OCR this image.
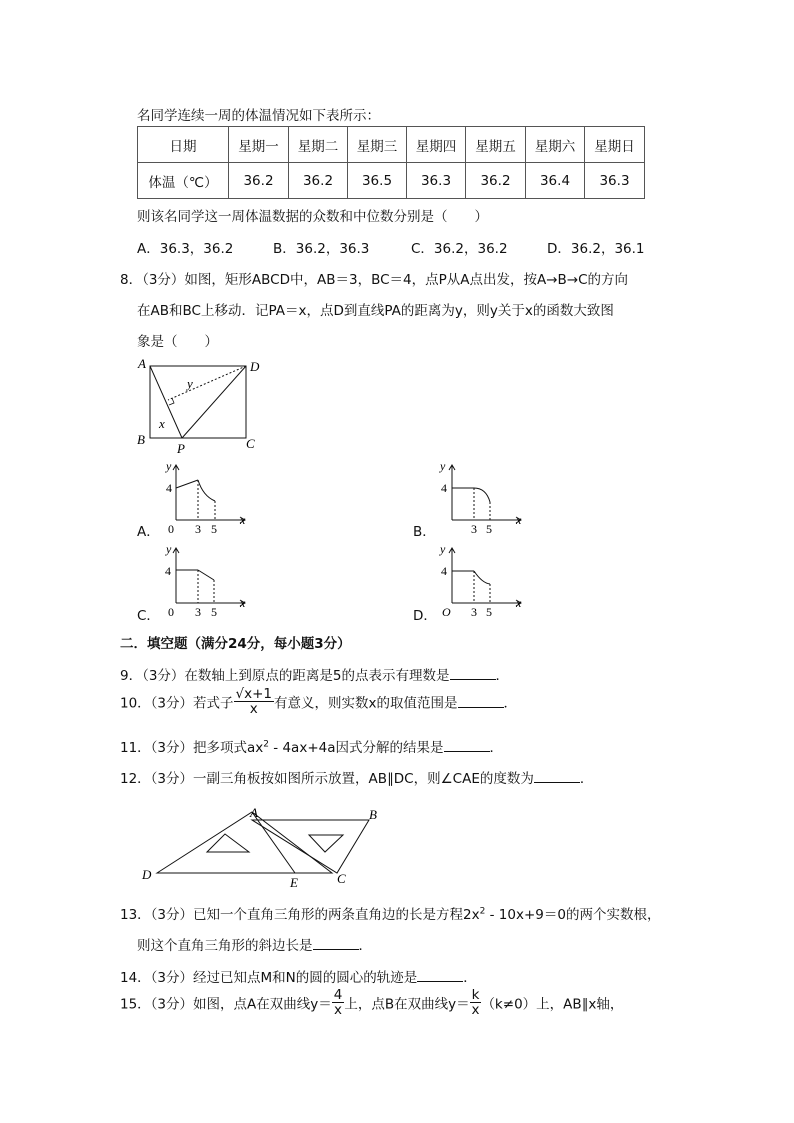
名同学连续一周的体温情况如下表所示：
日期	星期一	星期二	星期三	星期四	星期五	星期六	星期日
体温（℃）	36.2	36.2	36.5	36.3	36.2	36.4	36.3
则该名同学这一周体温数据的众数和中位数分别是（　　）
A．36.3，36.2	B．36.2，36.3	C．36.2，36.2	D．36.2，36.1
8．（3分）如图，矩形ABCD中，AB＝3，BC＝4，点P从A点出发，按A→B→C的方向
在AB和BC上移动．记PA＝x，点D到直线PA的距离为y，则y关于x的函数大致图
象是（　　）
A	D
B	C
P
x
y
A．
y
4
0 3 5
x
B．
y
4
3 5
x
C．
y
4
0 3 5
x
D．
y
4
O 3 5
x
二．填空题（满分24分，每小题3分）
9．（3分）在数轴上到原点的距离是5的点表示有理数是	．
10．（3分）若式子 $\frac{√x+1}{x}$ 有意义，则实数x的取值范围是	．
11．（3分）把多项式$ax^2 - 4ax+4a$因式分解的结果是	．
12．（3分）一副三角板按如图所示放置，AB∥DC，则∠CAE的度数为	．
A	B
C
D
E
13．（3分）已知一个直角三角形的两条直角边的长是方程$2x^2 - 10x+9=0$的两个实数根，
则这个直角三角形的斜边长是	．
14．（3分）经过已知点M和N的圆的圆心的轨迹是	．
15．（3分）如图，点A在双曲线$y= \frac{4}{x}$ 上，点B在双曲线$y= \frac{k}{x} (k\ne 0)$上，AB∥x轴，
